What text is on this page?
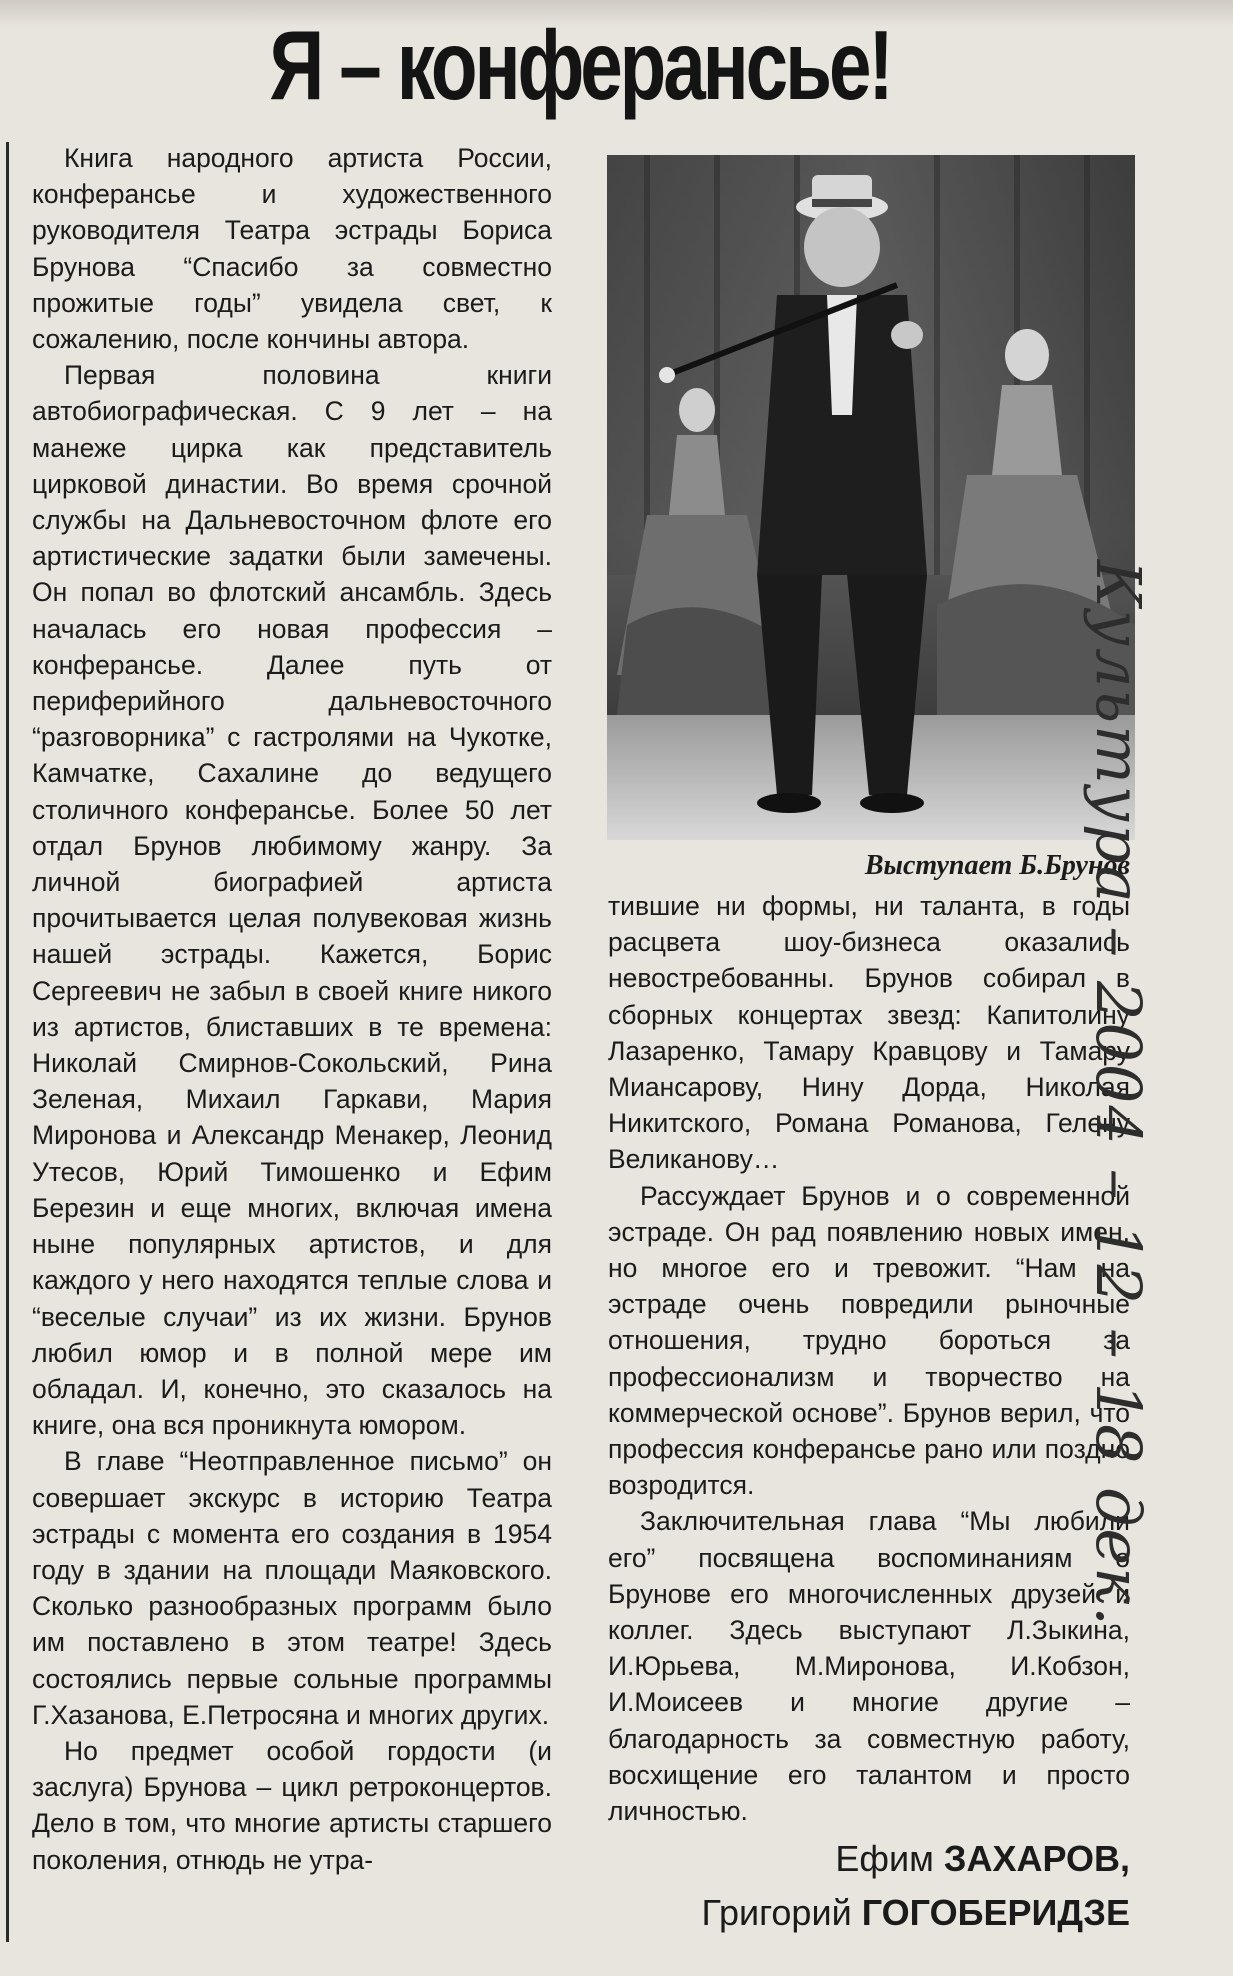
Я – конферансье!

Книга народного артиста России, конферансье и художественного руководителя Театра эстрады Бориса Брунова “Спасибо за совместно прожитые годы” увидела свет, к сожалению, после кончины автора.

Первая половина книги автобиографическая. С 9 лет – на манеже цирка как представитель цирковой династии. Во время срочной службы на Дальневосточном флоте его артистические задатки были замечены. Он попал во флотский ансамбль. Здесь началась его новая профессия – конферансье. Далее путь от периферийного дальневосточного “разговорника” с гастролями на Чукотке, Камчатке, Сахалине до ведущего столичного конферансье. Более 50 лет отдал Брунов любимому жанру. За личной биографией артиста прочитывается целая полувековая жизнь нашей эстрады. Кажется, Борис Сергеевич не забыл в своей книге никого из артистов, блиставших в те времена: Николай Смирнов-Сокольский, Рина Зеленая, Михаил Гаркави, Мария Миронова и Александр Менакер, Леонид Утесов, Юрий Тимошенко и Ефим Березин и еще многих, включая имена ныне популярных артистов, и для каждого у него находятся теплые слова и “веселые случаи” из их жизни. Брунов любил юмор и в полной мере им обладал. И, конечно, это сказалось на книге, она вся проникнута юмором.

В главе “Неотправленное письмо” он совершает экскурс в историю Театра эстрады с момента его создания в 1954 году в здании на площади Маяковского. Сколько разнообразных программ было им поставлено в этом театре! Здесь состоялись первые сольные программы Г.Хазанова, Е.Петросяна и многих других.

Но предмет особой гордости (и заслуга) Брунова – цикл ретроконцертов. Дело в том, что многие артисты старшего поколения, отнюдь не утра-

Выступает Б.Брунов

тившие ни формы, ни таланта, в годы расцвета шоу-бизнеса оказались невостребованны. Брунов собирал в сборных концертах звезд: Капитолину Лазаренко, Тамару Кравцову и Тамару Миансарову, Нину Дорда, Николая Никитского, Романа Романова, Гелену Великанову…

Рассуждает Брунов и о современной эстраде. Он рад появлению новых имен, но многое его и тревожит. “Нам на эстраде очень повредили рыночные отношения, трудно бороться за профессионализм и творчество на коммерческой основе”. Брунов верил, что профессия конферансье рано или поздно возродится.

Заключительная глава “Мы любили его” посвящена воспоминаниям о Брунове его многочисленных друзей и коллег. Здесь выступают Л.Зыкина, И.Юрьева, М.Миронова, И.Кобзон, И.Моисеев и многие другие – благодарность за совместную работу, восхищение его талантом и просто личностью.

Ефим ЗАХАРОВ,
Григорий ГОГОБЕРИДЗЕ
Культура – 2004 – 12 – 18 дек.
